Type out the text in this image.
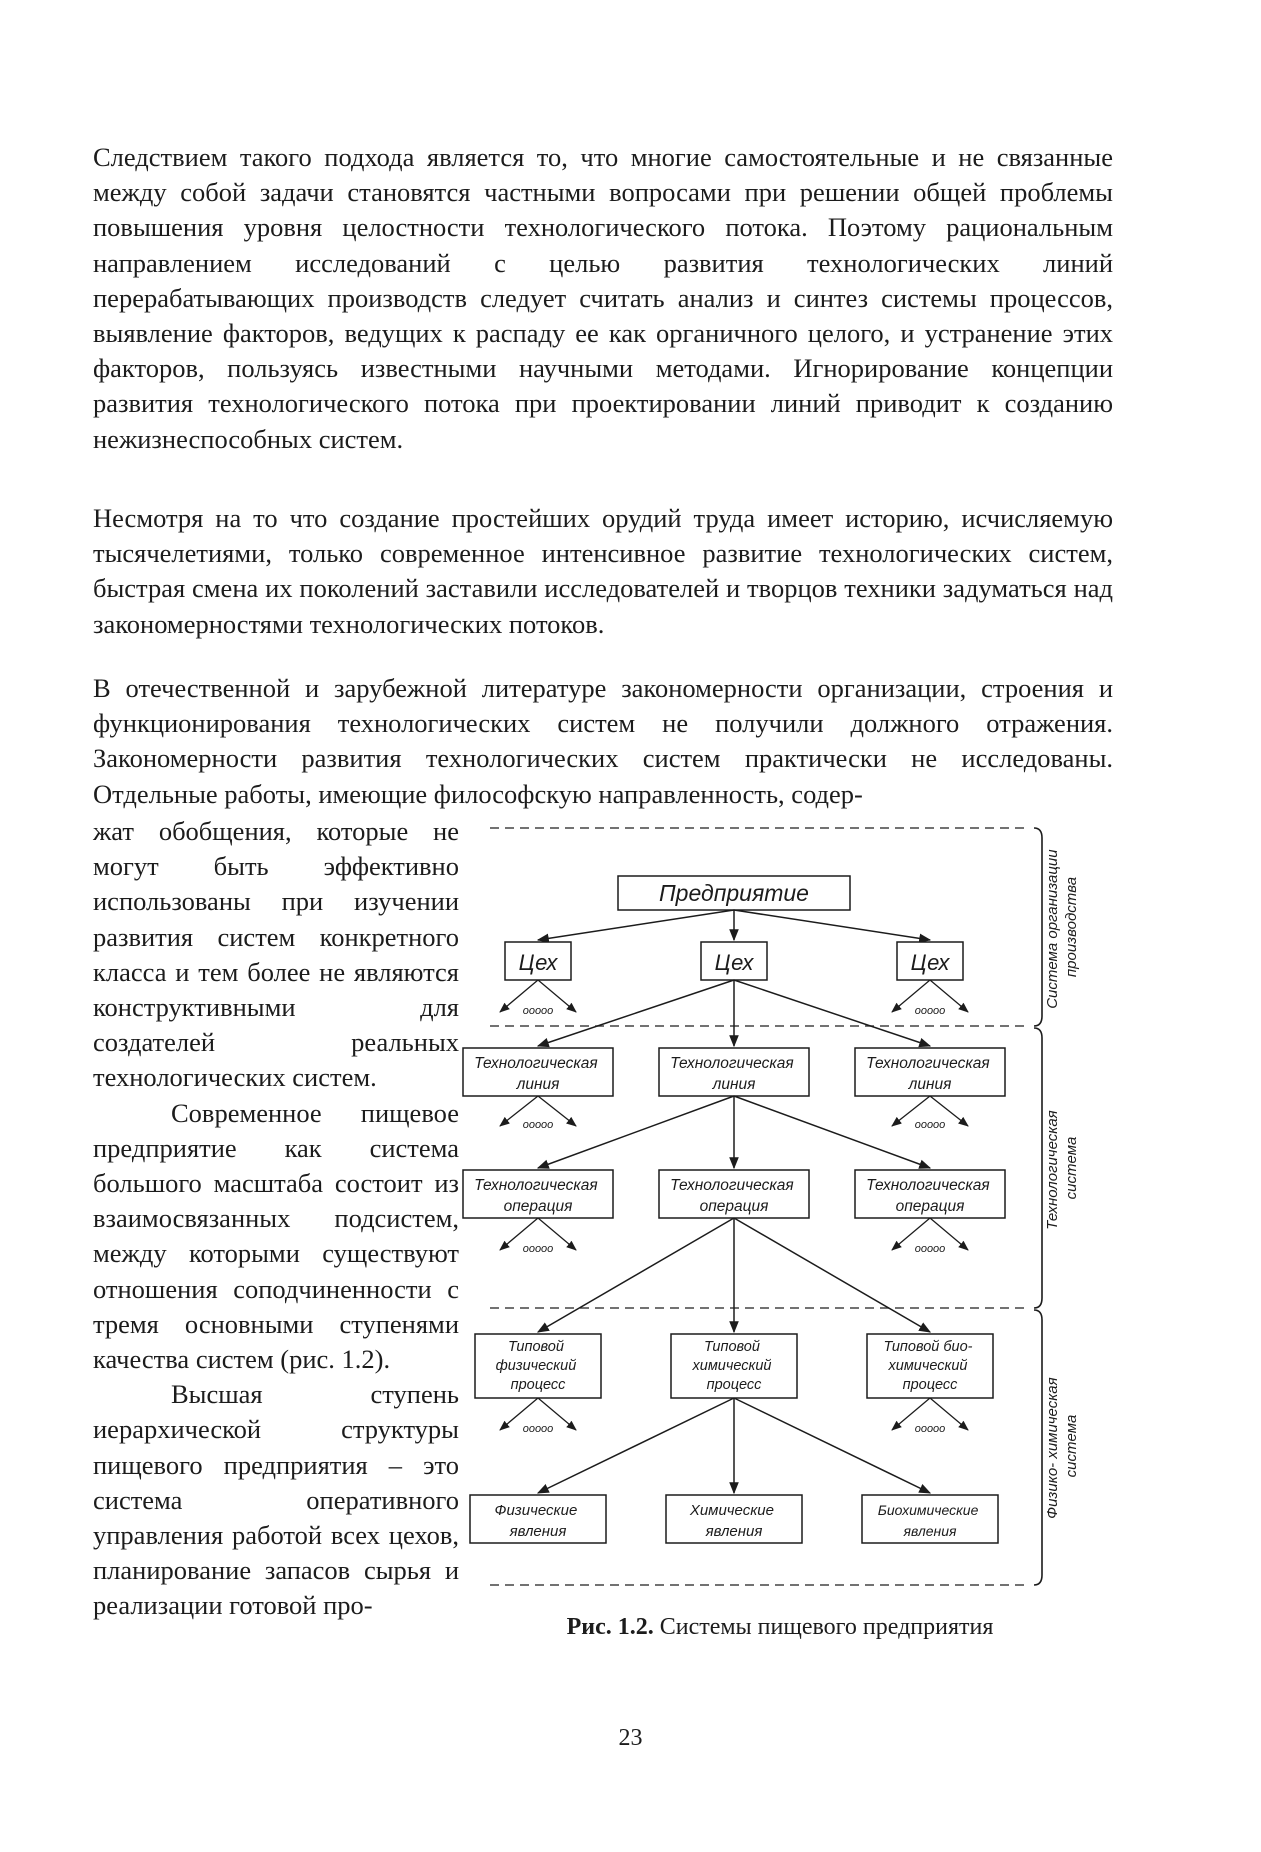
Следствием такого подхода является то, что многие самостоятельные и не связанные между собой задачи становятся частными вопросами при решении общей проблемы повышения уровня целостности технологического потока. Поэтому рациональным направлением исследований с целью развития технологических линий перерабатывающих производств следует считать анализ и синтез системы процессов, выявление факторов, ведущих к распаду ее как органичного целого, и устранение этих факторов, пользуясь известными научными методами. Игнорирование концепции развития технологического потока при проектировании линий приводит к созданию нежизнеспособных систем.

Несмотря на то что создание простейших орудий труда имеет историю, исчисляемую тысячелетиями, только современное интенсивное развитие технологических систем, быстрая смена их поколений заставили исследователей и творцов техники задуматься над закономерностями технологических потоков.

В отечественной и зарубежной литературе закономерности организации, строения и функционирования технологических систем не получили должного отражения. Закономерности развития технологических систем практически не исследованы. Отдельные работы, имеющие философскую направленность, содер-

жат обобщения, которые не могут быть эффективно использованы при изучении развития систем конкретного класса и тем более не являются конструктивными для создателей реальных технологических систем.

Современное пищевое предприятие как система большого масштаба состоит из взаимосвязанных подсистем, между которыми существуют отношения соподчиненности с тремя основными ступенями качества систем (рис. 1.2).

Высшая ступень иерархической структуры пищевого предприятия – это система оперативного управления работой всех цехов, планирование запасов сырья и реализации готовой про-

Система организации производства
Технологическая система
Физико- химическая система
Предприятие
Цех	Цех	Цех
ооооо	ооооо
Технологическая линия
Технологическая линия
Технологическая линия
ооооо	ооооо
Технологическая операция
Технологическая операция
Технологическая операция
ооооо	ооооо
Типовой физический процесс
Типовой химический процесс
Типовой био- химический процесс
ооооо	ооооо
Физические явления
Химические явления
Биохимические явления
Рис. 1.2. Системы пищевого предприятия
23
